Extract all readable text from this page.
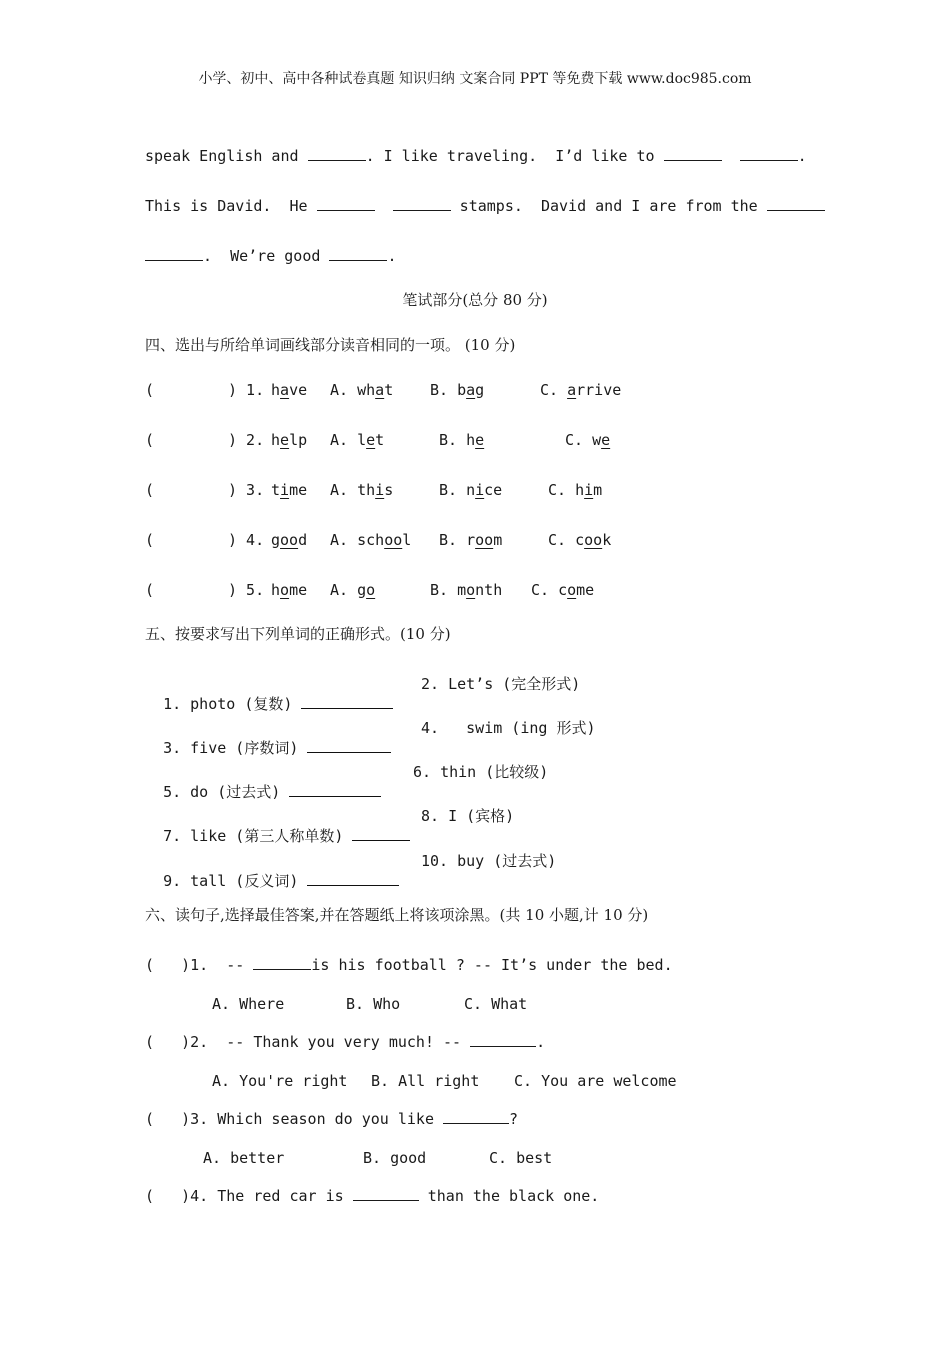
小学、初中、高中各种试卷真题 知识归纳 文案合同 PPT 等免费下载 www.doc985.com
speak English and	. I like traveling.  I’d like to	.
This is David.  He	stamps.  David and I are from the
.  We’re good	.
笔试部分(总分 80 分)
四、选出与所给单词画线部分读音相同的一项。 (10 分)
(	) 1. have A. what B. bag	C. arrive
(	) 2. help A. let	B. he	C. we
(	) 3. time A. this	B. nice	C. him
(	) 4. good A. school B. room	C. cook
(	) 5. home A. go	B. month C. come
五、按要求写出下列单词的正确形式。(10 分)

1. photo (复数)

2. Let’s (完全形式)

3. five (序数词)

4.   swim (ing 形式)

5. do (过去式)

6. thin (比较级)

7. like (第三人称单数)

8. I (宾格)

9. tall (反义词)

10. buy (过去式)
六、读句子,选择最佳答案,并在答题纸上将该项涂黑。(共 10 小题,计 10 分)
(   )1.  --	is his football ? -- It’s under the bed.
A. Where	B. Who	C. What
(   )2.  -- Thank you very much! --	.
A. You're right B. All right C. You are welcome
(   )3. Which season do you like	?
A. better	B. good	C. best
(   )4. The red car is	than the black one.
